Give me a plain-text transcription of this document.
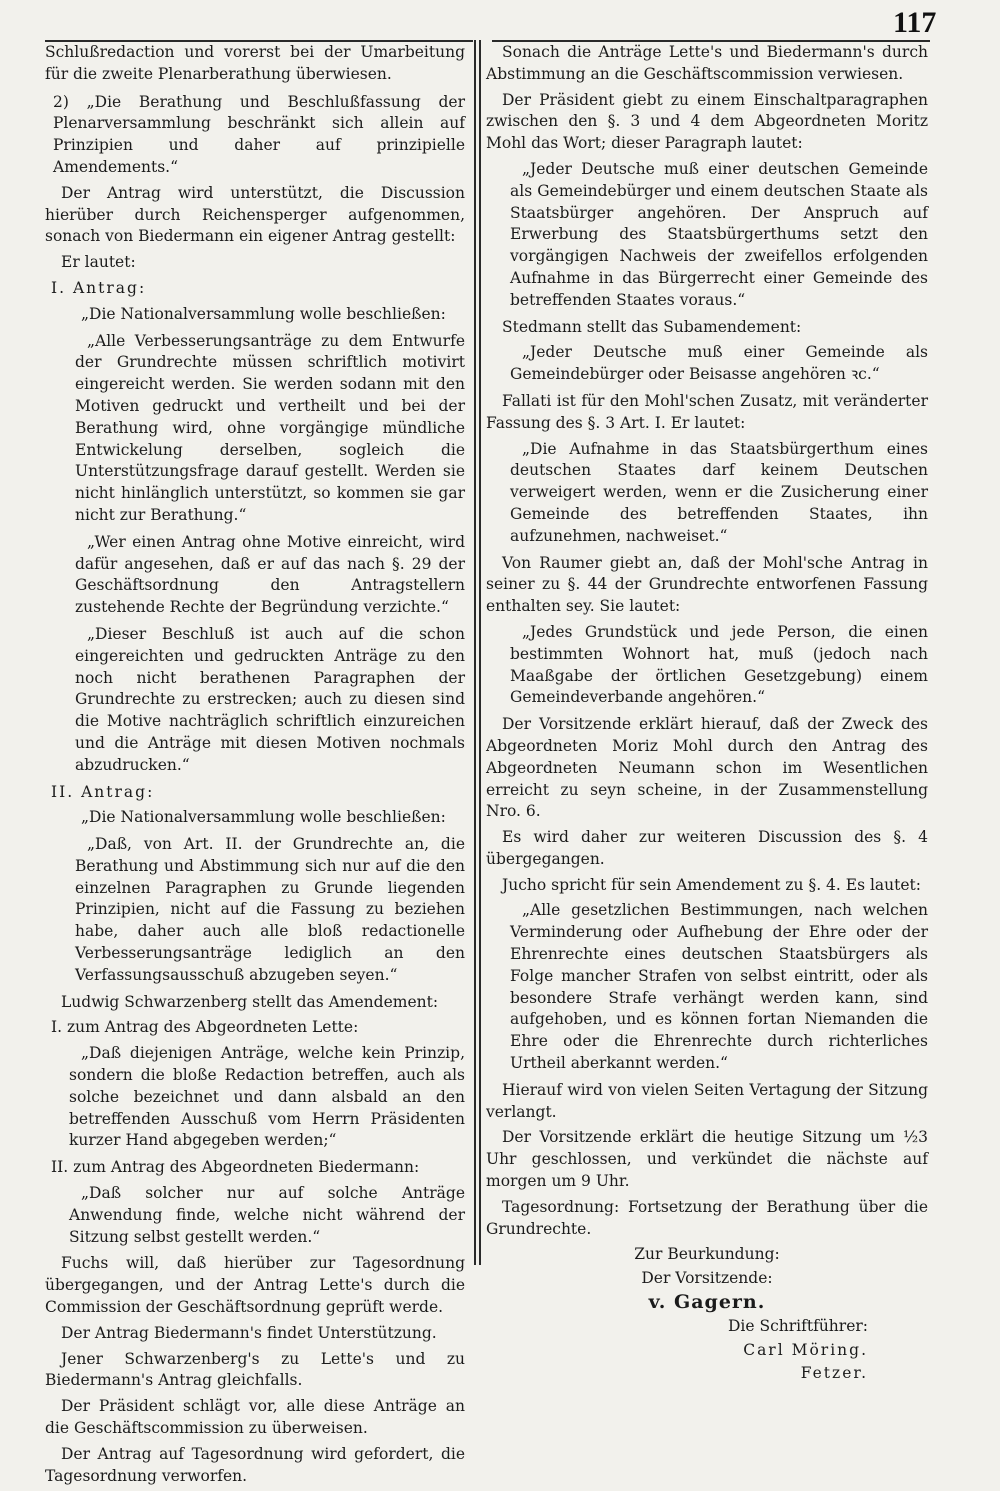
117

Schlußredaction und vorerst bei der Umarbeitung für die zweite Plenarberathung überwiesen.

2) „Die Berathung und Beschlußfassung der Plenarversammlung beschränkt sich allein auf Prinzipien und daher auf prinzipielle Amendements.“

Der Antrag wird unterstützt, die Discussion hierüber durch Reichensperger aufgenommen, sonach von Biedermann ein eigener Antrag gestellt:

Er lautet:

I. Antrag:

„Die Nationalversammlung wolle beschließen:

„Alle Verbesserungsanträge zu dem Entwurfe der Grundrechte müssen schriftlich motivirt eingereicht werden. Sie werden sodann mit den Motiven gedruckt und vertheilt und bei der Berathung wird, ohne vorgängige mündliche Entwickelung derselben, sogleich die Unterstützungsfrage darauf gestellt. Werden sie nicht hinlänglich unterstützt, so kommen sie gar nicht zur Berathung.“

„Wer einen Antrag ohne Motive einreicht, wird dafür angesehen, daß er auf das nach §. 29 der Geschäftsordnung den Antragstellern zustehende Rechte der Begründung verzichte.“

„Dieser Beschluß ist auch auf die schon eingereichten und gedruckten Anträge zu den noch nicht berathenen Paragraphen der Grundrechte zu erstrecken; auch zu diesen sind die Motive nachträglich schriftlich einzureichen und die Anträge mit diesen Motiven nochmals abzudrucken.“

II. Antrag:

„Die Nationalversammlung wolle beschließen:

„Daß, von Art. II. der Grundrechte an, die Berathung und Abstimmung sich nur auf die den einzelnen Paragraphen zu Grunde liegenden Prinzipien, nicht auf die Fassung zu beziehen habe, daher auch alle bloß redactionelle Verbesserungsanträge lediglich an den Verfassungsausschuß abzugeben seyen.“

Ludwig Schwarzenberg stellt das Amendement:

I. zum Antrag des Abgeordneten Lette:

„Daß diejenigen Anträge, welche kein Prinzip, sondern die bloße Redaction betreffen, auch als solche bezeichnet und dann alsbald an den betreffenden Ausschuß vom Herrn Präsidenten kurzer Hand abgegeben werden;“

II. zum Antrag des Abgeordneten Biedermann:

„Daß solcher nur auf solche Anträge Anwendung finde, welche nicht während der Sitzung selbst gestellt werden.“

Fuchs will, daß hierüber zur Tagesordnung übergegangen, und der Antrag Lette's durch die Commission der Geschäftsordnung geprüft werde.

Der Antrag Biedermann's findet Unterstützung.

Jener Schwarzenberg's zu Lette's und zu Biedermann's Antrag gleichfalls.

Der Präsident schlägt vor, alle diese Anträge an die Geschäftscommission zu überweisen.

Der Antrag auf Tagesordnung wird gefordert, die Tagesordnung verworfen.

Sonach die Anträge Lette's und Biedermann's durch Abstimmung an die Geschäftscommission verwiesen.

Der Präsident giebt zu einem Einschaltparagraphen zwischen den §. 3 und 4 dem Abgeordneten Moritz Mohl das Wort; dieser Paragraph lautet:

„Jeder Deutsche muß einer deutschen Gemeinde als Gemeindebürger und einem deutschen Staate als Staatsbürger angehören. Der Anspruch auf Erwerbung des Staatsbürgerthums setzt den vorgängigen Nachweis der zweifellos erfolgenden Aufnahme in das Bürgerrecht einer Gemeinde des betreffenden Staates voraus.“

Stedmann stellt das Subamendement:

„Jeder Deutsche muß einer Gemeinde als Gemeindebürger oder Beisasse angehören ꝛc.“

Fallati ist für den Mohl'schen Zusatz, mit veränderter Fassung des §. 3 Art. I. Er lautet:

„Die Aufnahme in das Staatsbürgerthum eines deutschen Staates darf keinem Deutschen verweigert werden, wenn er die Zusicherung einer Gemeinde des betreffenden Staates, ihn aufzunehmen, nachweiset.“

Von Raumer giebt an, daß der Mohl'sche Antrag in seiner zu §. 44 der Grundrechte entworfenen Fassung enthalten sey. Sie lautet:

„Jedes Grundstück und jede Person, die einen bestimmten Wohnort hat, muß (jedoch nach Maaßgabe der örtlichen Gesetzgebung) einem Gemeindeverbande angehören.“

Der Vorsitzende erklärt hierauf, daß der Zweck des Abgeordneten Moriz Mohl durch den Antrag des Abgeordneten Neumann schon im Wesentlichen erreicht zu seyn scheine, in der Zusammenstellung Nro. 6.

Es wird daher zur weiteren Discussion des §. 4 übergegangen.

Jucho spricht für sein Amendement zu §. 4. Es lautet:

„Alle gesetzlichen Bestimmungen, nach welchen Verminderung oder Aufhebung der Ehre oder der Ehrenrechte eines deutschen Staatsbürgers als Folge mancher Strafen von selbst eintritt, oder als besondere Strafe verhängt werden kann, sind aufgehoben, und es können fortan Niemanden die Ehre oder die Ehrenrechte durch richterliches Urtheil aberkannt werden.“

Hierauf wird von vielen Seiten Vertagung der Sitzung verlangt.

Der Vorsitzende erklärt die heutige Sitzung um ½3 Uhr geschlossen, und verkündet die nächste auf morgen um 9 Uhr.

Tagesordnung: Fortsetzung der Berathung über die Grundrechte.

Zur Beurkundung:

Der Vorsitzende:

v. Gagern.

Die Schriftführer:

Carl Möring.

Fetzer.
